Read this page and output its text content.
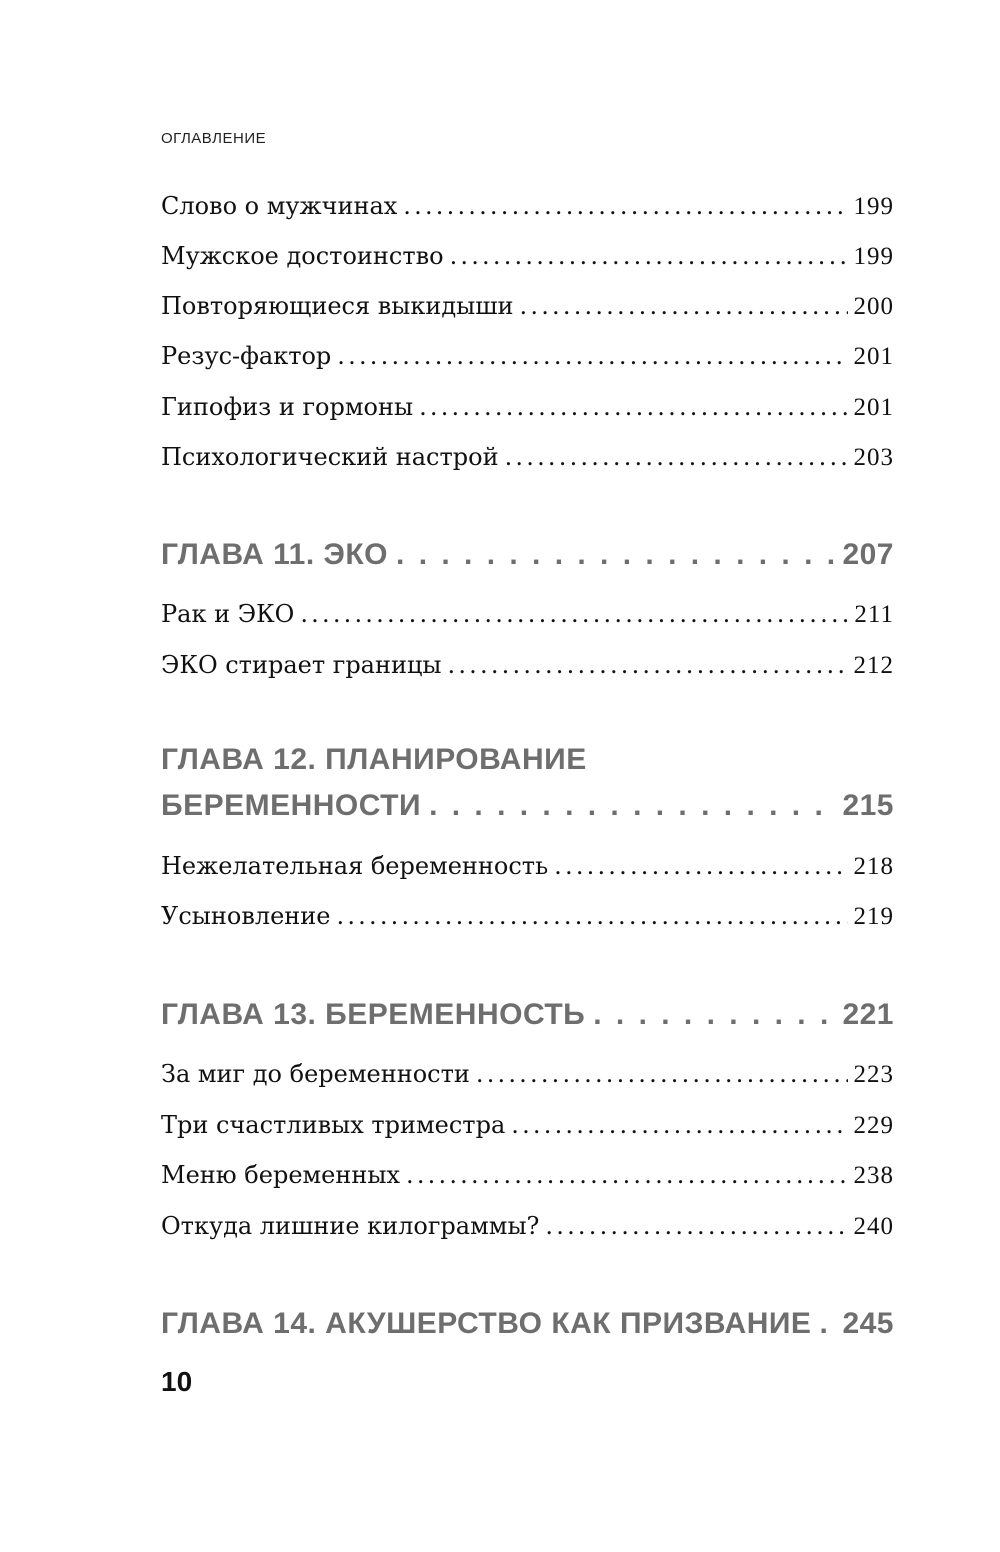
ОГЛАВЛЕНИЕ
Слово о мужчинах .....	199
Мужское достоинство .....	199
Повторяющиеся выкидыши .....	200
Резус-фактор .....	201
Гипофиз и гормоны .....	201
Психологический настрой .....	203
ГЛАВА 11. ЭКО . . .	207
Рак и ЭКО .....	211
ЭКО стирает границы .....	212
ГЛАВА 12. ПЛАНИРОВАНИЕ
БЕРЕМЕННОСТИ . . .	215
Нежелательная беременность .....	218
Усыновление .....	219
ГЛАВА 13. БЕРЕМЕННОСТЬ . . .	221
За миг до беременности .....	223
Три счастливых триместра .....	229
Меню беременных .....	238
Откуда лишние килограммы? .....	240
ГЛАВА 14. АКУШЕРСТВО КАК ПРИЗВАНИЕ . . . 245
10
